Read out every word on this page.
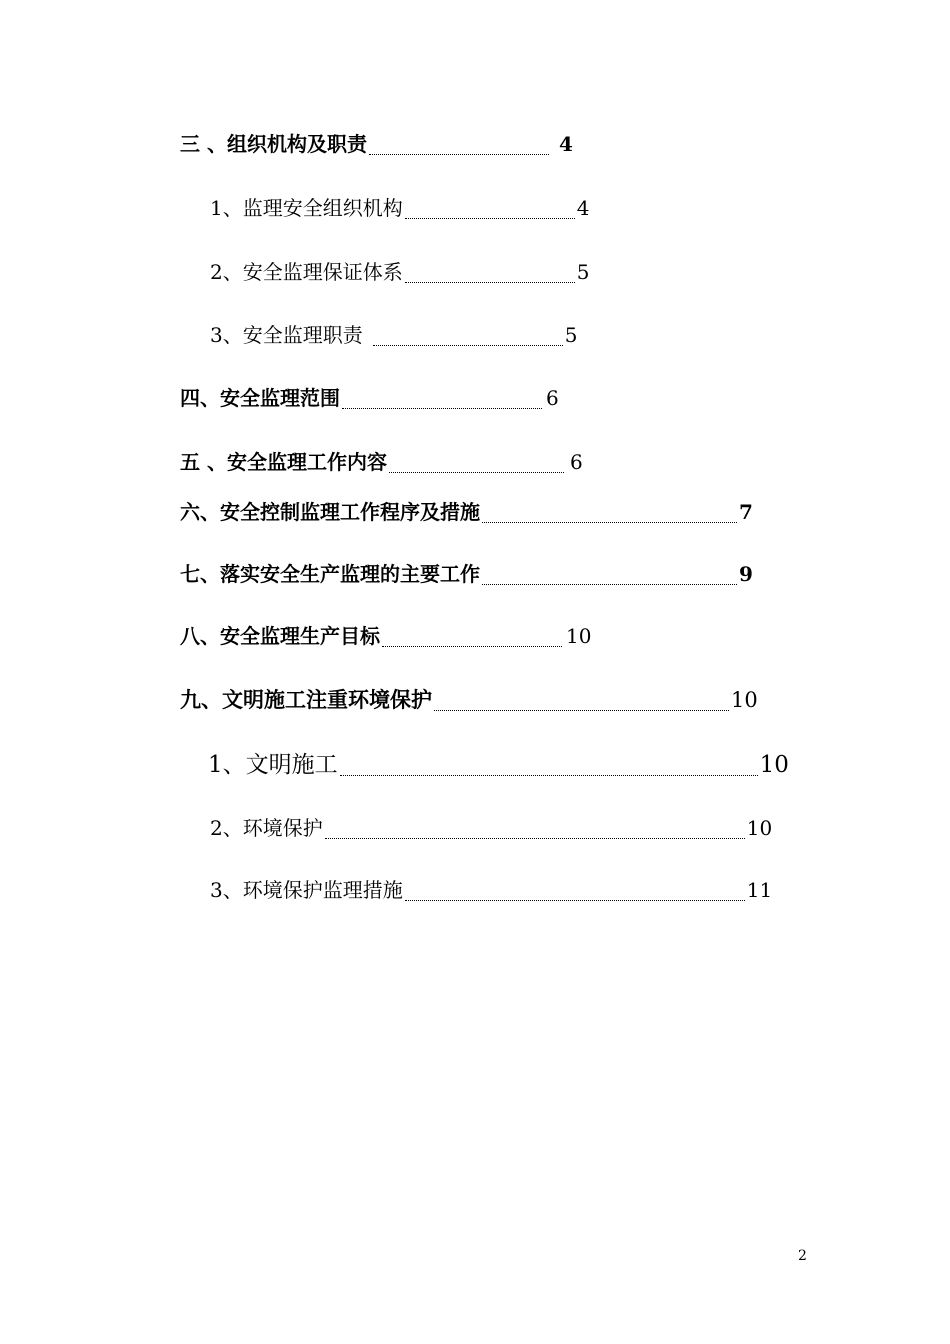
三 、组织机构及职责	4
1、监理安全组织机构	4
2、安全监理保证体系	5
3、安全监理职责	5
四、安全监理范围	6
五 、安全监理工作内容	6
六、安全控制监理工作程序及措施	7
七、落实安全生产监理的主要工作	9
八、安全监理生产目标	10
九、文明施工注重环境保护	10
1、文明施工	10
2、环境保护	10
3、环境保护监理措施	11
2
